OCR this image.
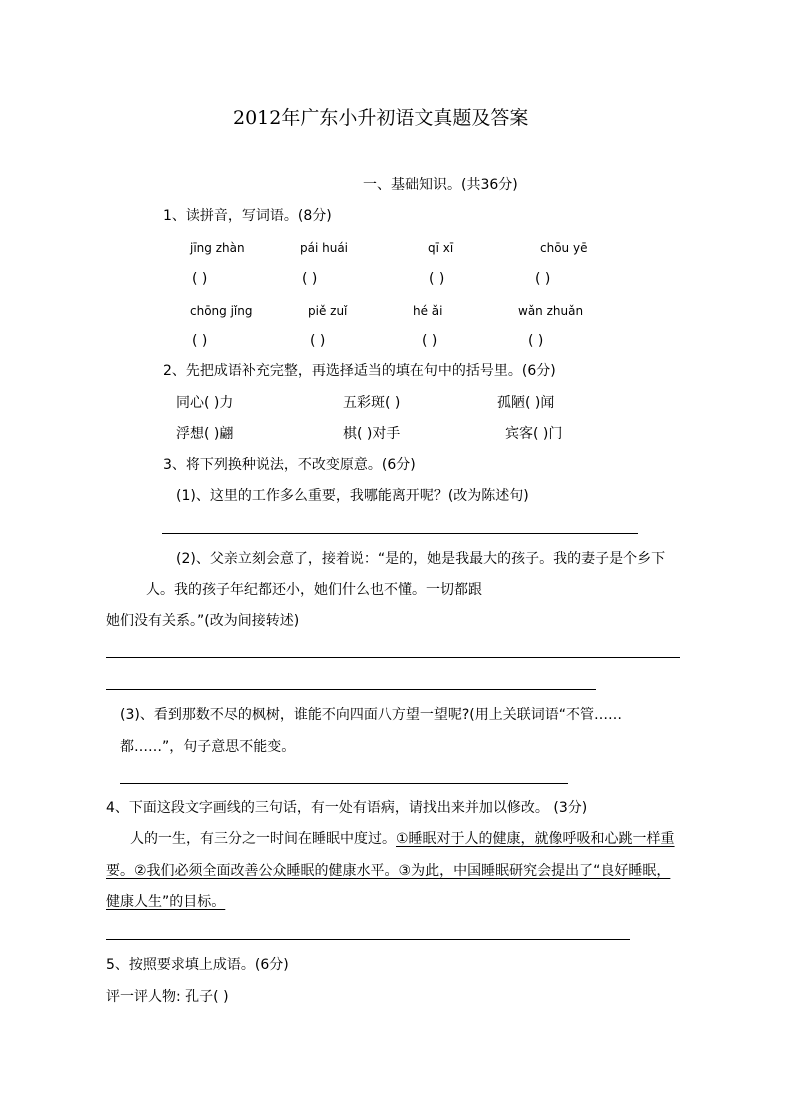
2012年广东小升初语文真题及答案
一、基础知识。(共36分)
1、读拼音，写词语。(8分)
jīng zhàn	pái huái	qī xī	chōu yē
( )	( )	( )	( )
chōng jǐng	piě zuǐ	hé ǎi	wǎn zhuǎn
( )	( )	( )	( )
2、先把成语补充完整，再选择适当的填在句中的括号里。(6分)
同心( )力	五彩斑( )	孤陋( )闻
浮想( )翩	棋( )对手	宾客( )门
3、将下列换种说法，不改变原意。(6分)
(1)、这里的工作多么重要，我哪能离开呢？(改为陈述句)
(2)、父亲立刻会意了，接着说：“是的，她是我最大的孩子。我的妻子是个乡下
人。我的孩子年纪都还小，她们什么也不懂。一切都跟
她们没有关系。”(改为间接转述)
(3)、看到那数不尽的枫树，谁能不向四面八方望一望呢?(用上关联词语“不管……
都……”，句子意思不能变。
4、下面这段文字画线的三句话，有一处有语病，请找出来并加以修改。 (3分)
人的一生，有三分之一时间在睡眠中度过。①睡眠对于人的健康，就像呼吸和心跳一样重
要。②我们必须全面改善公众睡眠的健康水平。③为此，中国睡眠研究会提出了“良好睡眠，
健康人生”的目标。
5、按照要求填上成语。(6分)
评一评人物: 孔子( )
